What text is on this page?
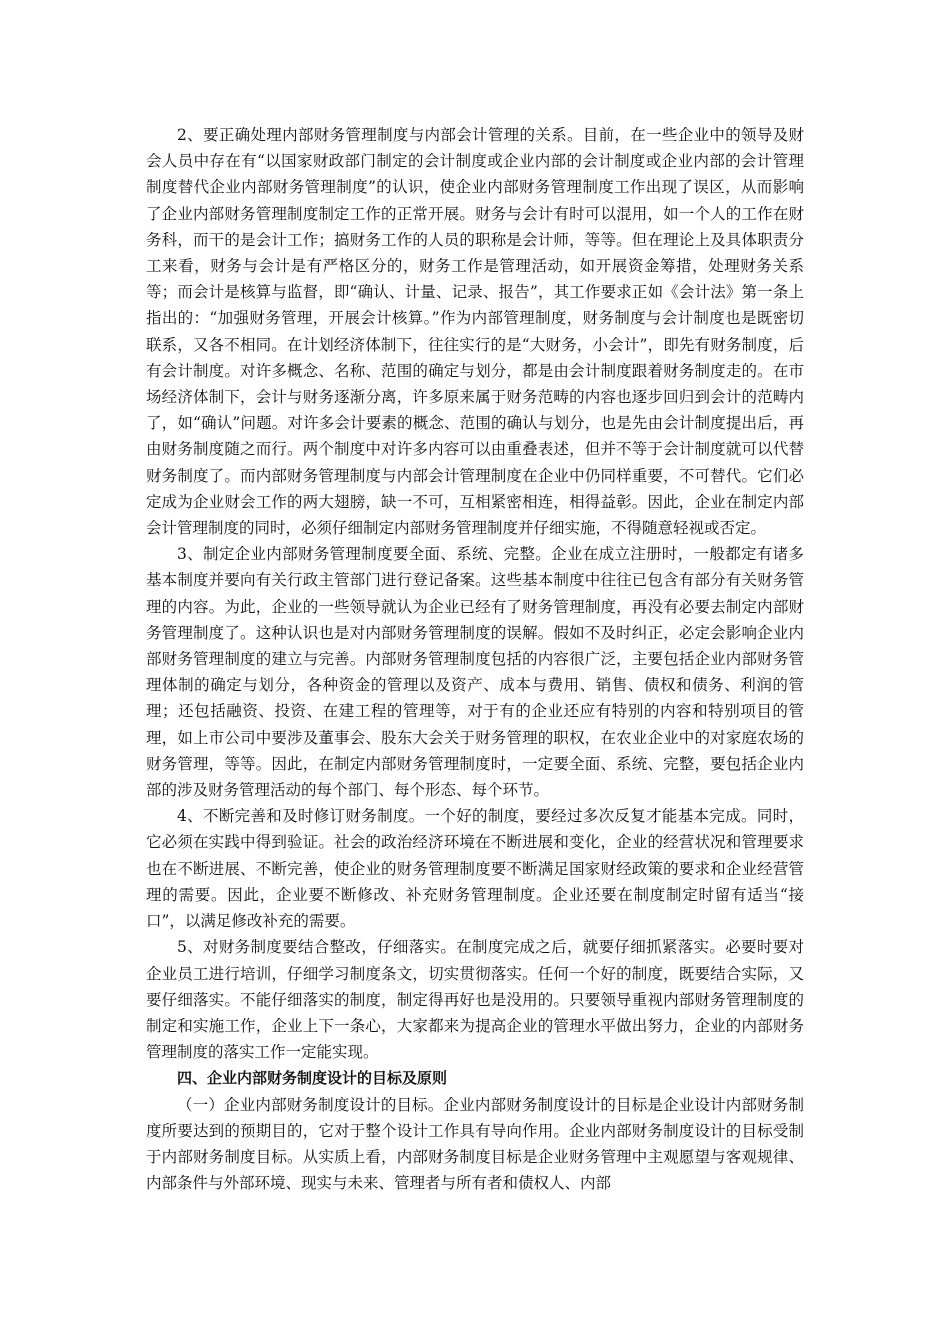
2、要正确处理内部财务管理制度与内部会计管理的关系。目前，在一些企业中的领导及财会人员中存在有“以国家财政部门制定的会计制度或企业内部的会计制度或企业内部的会计管理制度替代企业内部财务管理制度”的认识，使企业内部财务管理制度工作出现了误区，从而影响了企业内部财务管理制度制定工作的正常开展。财务与会计有时可以混用，如一个人的工作在财务科，而干的是会计工作；搞财务工作的人员的职称是会计师，等等。但在理论上及具体职责分工来看，财务与会计是有严格区分的，财务工作是管理活动，如开展资金筹措，处理财务关系等；而会计是核算与监督，即“确认、计量、记录、报告”，其工作要求正如《会计法》第一条上指出的：“加强财务管理，开展会计核算。”作为内部管理制度，财务制度与会计制度也是既密切联系，又各不相同。在计划经济体制下，往往实行的是“大财务，小会计”，即先有财务制度，后有会计制度。对许多概念、名称、范围的确定与划分，都是由会计制度跟着财务制度走的。在市场经济体制下，会计与财务逐渐分离，许多原来属于财务范畴的内容也逐步回归到会计的范畴内了，如“确认”问题。对许多会计要素的概念、范围的确认与划分，也是先由会计制度提出后，再由财务制度随之而行。两个制度中对许多内容可以由重叠表述，但并不等于会计制度就可以代替财务制度了。而内部财务管理制度与内部会计管理制度在企业中仍同样重要，不可替代。它们必定成为企业财会工作的两大翅膀，缺一不可，互相紧密相连，相得益彰。因此，企业在制定内部会计管理制度的同时，必须仔细制定内部财务管理制度并仔细实施，不得随意轻视或否定。

3、制定企业内部财务管理制度要全面、系统、完整。企业在成立注册时，一般都定有诸多基本制度并要向有关行政主管部门进行登记备案。这些基本制度中往往已包含有部分有关财务管理的内容。为此，企业的一些领导就认为企业已经有了财务管理制度，再没有必要去制定内部财务管理制度了。这种认识也是对内部财务管理制度的误解。假如不及时纠正，必定会影响企业内部财务管理制度的建立与完善。内部财务管理制度包括的内容很广泛，主要包括企业内部财务管理体制的确定与划分，各种资金的管理以及资产、成本与费用、销售、债权和债务、利润的管理；还包括融资、投资、在建工程的管理等，对于有的企业还应有特别的内容和特别项目的管理，如上市公司中要涉及董事会、股东大会关于财务管理的职权，在农业企业中的对家庭农场的财务管理，等等。因此，在制定内部财务管理制度时，一定要全面、系统、完整，要包括企业内部的涉及财务管理活动的每个部门、每个形态、每个环节。

4、不断完善和及时修订财务制度。一个好的制度，要经过多次反复才能基本完成。同时，它必须在实践中得到验证。社会的政治经济环境在不断进展和变化，企业的经营状况和管理要求也在不断进展、不断完善，使企业的财务管理制度要不断满足国家财经政策的要求和企业经营管理的需要。因此，企业要不断修改、补充财务管理制度。企业还要在制度制定时留有适当“接口”，以满足修改补充的需要。

5、对财务制度要结合整改，仔细落实。在制度完成之后，就要仔细抓紧落实。必要时要对企业员工进行培训，仔细学习制度条文，切实贯彻落实。任何一个好的制度，既要结合实际，又要仔细落实。不能仔细落实的制度，制定得再好也是没用的。只要领导重视内部财务管理制度的制定和实施工作，企业上下一条心，大家都来为提高企业的管理水平做出努力，企业的内部财务管理制度的落实工作一定能实现。

四、企业内部财务制度设计的目标及原则

（一）企业内部财务制度设计的目标。企业内部财务制度设计的目标是企业设计内部财务制度所要达到的预期目的，它对于整个设计工作具有导向作用。企业内部财务制度设计的目标受制于内部财务制度目标。从实质上看，内部财务制度目标是企业财务管理中主观愿望与客观规律、内部条件与外部环境、现实与未来、管理者与所有者和债权人、内部
